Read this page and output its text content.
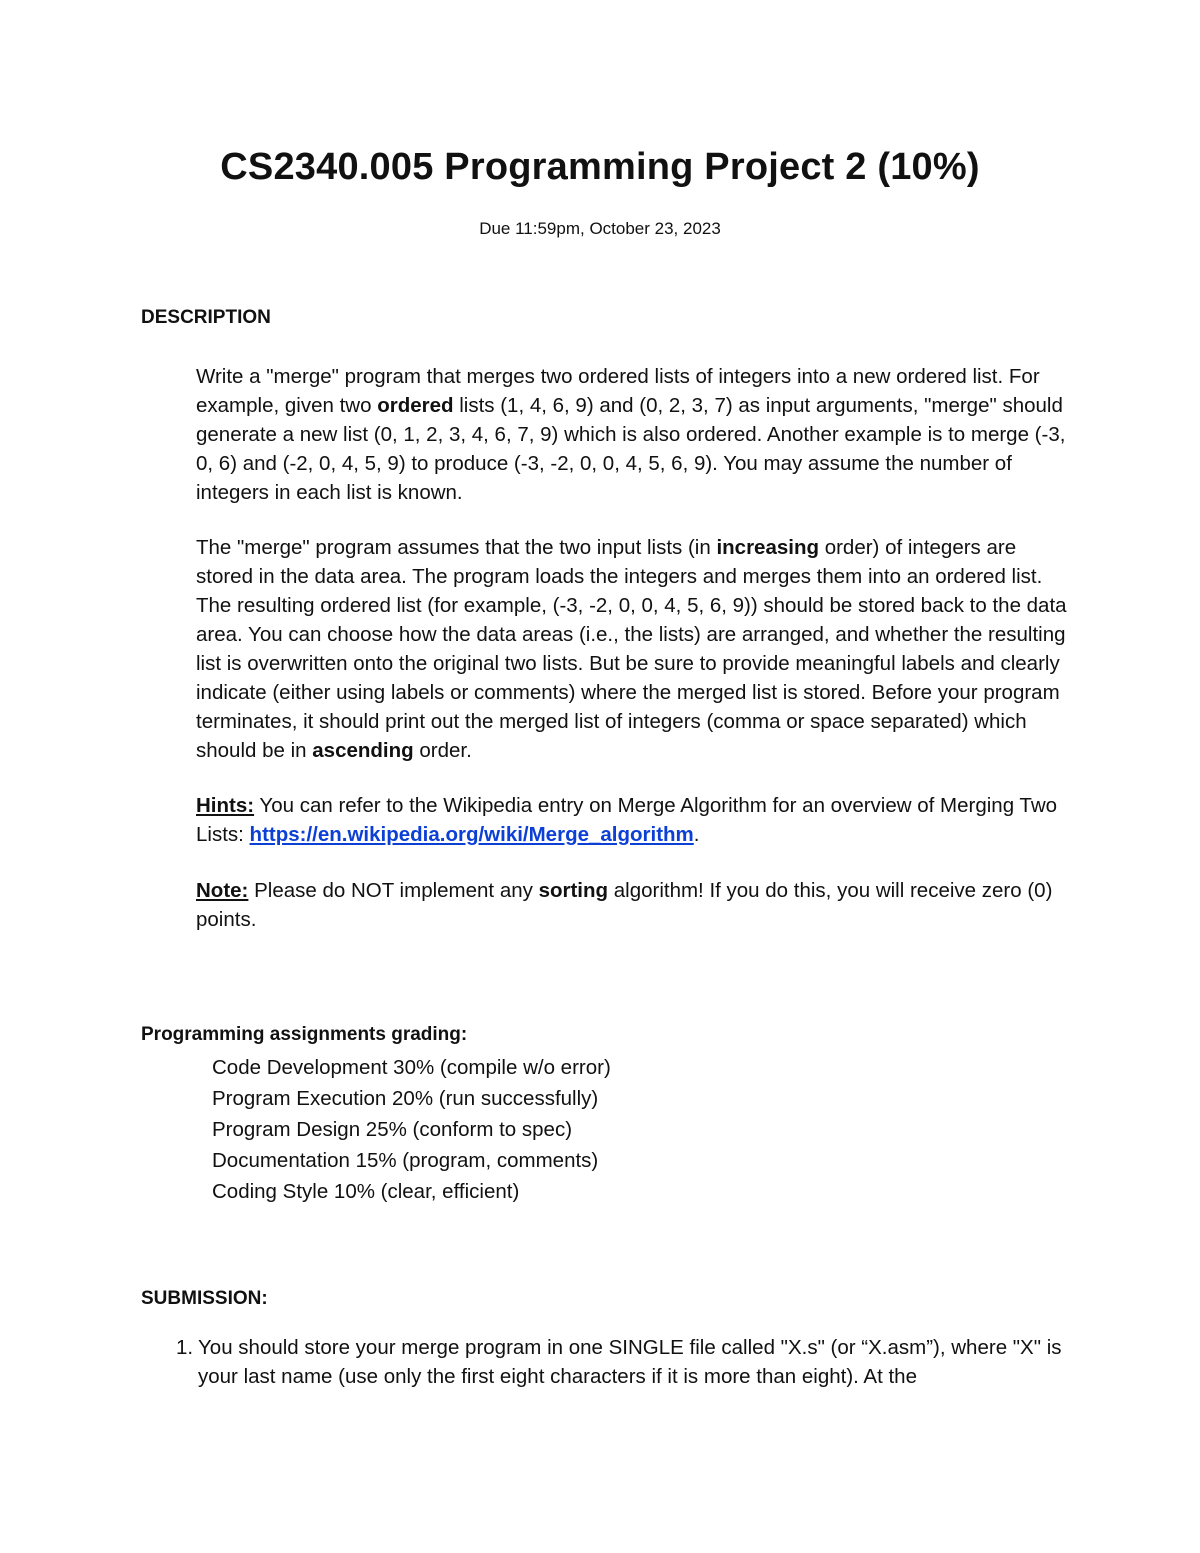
CS2340.005 Programming Project 2 (10%)
Due 11:59pm, October 23, 2023
DESCRIPTION
Write a "merge" program that merges two ordered lists of integers into a new ordered list. For example, given two ordered lists (1, 4, 6, 9) and (0, 2, 3, 7) as input arguments, "merge" should generate a new list (0, 1, 2, 3, 4, 6, 7, 9) which is also ordered. Another example is to merge (-3, 0, 6) and (-2, 0, 4, 5, 9) to produce (-3, -2, 0, 0, 4, 5, 6, 9). You may assume the number of integers in each list is known.
The "merge" program assumes that the two input lists (in increasing order) of integers are stored in the data area. The program loads the integers and merges them into an ordered list. The resulting ordered list (for example, (-3, -2, 0, 0, 4, 5, 6, 9)) should be stored back to the data area. You can choose how the data areas (i.e., the lists) are arranged, and whether the resulting list is overwritten onto the original two lists. But be sure to provide meaningful labels and clearly indicate (either using labels or comments) where the merged list is stored. Before your program terminates, it should print out the merged list of integers (comma or space separated) which should be in ascending order.
Hints: You can refer to the Wikipedia entry on Merge Algorithm for an overview of Merging Two Lists: https://en.wikipedia.org/wiki/Merge_algorithm.
Note: Please do NOT implement any sorting algorithm! If you do this, you will receive zero (0) points.
Programming assignments grading:
Code Development 30% (compile w/o error)
Program Execution 20% (run successfully)
Program Design 25% (conform to spec)
Documentation 15% (program, comments)
Coding Style 10% (clear, efficient)
SUBMISSION:
1. You should store your merge program in one SINGLE file called "X.s" (or “X.asm”), where "X" is your last name (use only the first eight characters if it is more than eight). At the
